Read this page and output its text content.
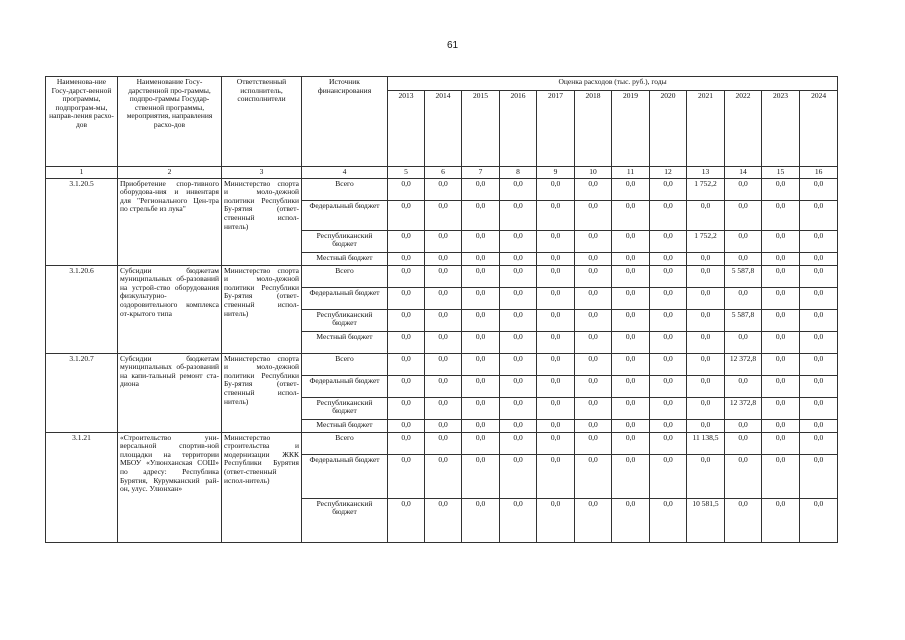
61
Наименова-ние Госу-дарст-венной программы, подпрограм-мы, направ-ления расхо-дов	Наименование Госу-дарственной про-граммы, подпро-граммы Государ-ственной программы, мероприятия, направления расхо-дов	Ответственный исполнитель, соисполнители	Источник финансирования	Оценка расходов (тыс. руб.), годы											
				2013	2014	2015	2016	2017	2018	2019	2020	2021	2022	2023	2024
1	2	3	4	5	6	7	8	9	10	11	12	13	14	15	16
3.1.20.5	Приобретение спор-тивного оборудова-ния и инвентаря для "Регионального Цен-тра по стрельбе из лука"	Министерство спорта и моло-дежной политики Республики Бу-рятия (ответ-ственный испол-нитель)	Всего	0,0	0,0	0,0	0,0	0,0	0,0	0,0	0,0	1 752,2	0,0	0,0	0,0
			Федеральный бюджет	0,0	0,0	0,0	0,0	0,0	0,0	0,0	0,0	0,0	0,0	0,0	0,0
			Республиканский бюджет	0,0	0,0	0,0	0,0	0,0	0,0	0,0	0,0	1 752,2	0,0	0,0	0,0
			Местный бюджет	0,0	0,0	0,0	0,0	0,0	0,0	0,0	0,0	0,0	0,0	0,0	0,0
3.1.20.6	Субсидии бюджетам муниципальных об-разований на устрой-ство оборудования физкультурно-оздоровительного комплекса от-крытого типа	Министерство спорта и моло-дежной политики Республики Бу-рятия (ответ-ственный испол-нитель)	Всего	0,0	0,0	0,0	0,0	0,0	0,0	0,0	0,0	0,0	5 587,8	0,0	0,0
			Федеральный бюджет	0,0	0,0	0,0	0,0	0,0	0,0	0,0	0,0	0,0	0,0	0,0	0,0
			Республиканский бюджет	0,0	0,0	0,0	0,0	0,0	0,0	0,0	0,0	0,0	5 587,8	0,0	0,0
			Местный бюджет	0,0	0,0	0,0	0,0	0,0	0,0	0,0	0,0	0,0	0,0	0,0	0,0
3.1.20.7	Субсидии бюджетам муниципальных об-разований на капи-тальный ремонт ста-диона	Министерство спорта и моло-дежной политики Республики Бу-рятия (ответ-ственный испол-нитель)	Всего	0,0	0,0	0,0	0,0	0,0	0,0	0,0	0,0	0,0	12 372,8	0,0	0,0
			Федеральный бюджет	0,0	0,0	0,0	0,0	0,0	0,0	0,0	0,0	0,0	0,0	0,0	0,0
			Республиканский бюджет	0,0	0,0	0,0	0,0	0,0	0,0	0,0	0,0	0,0	12 372,8	0,0	0,0
			Местный бюджет	0,0	0,0	0,0	0,0	0,0	0,0	0,0	0,0	0,0	0,0	0,0	0,0
3.1.21	«Строительство уни-версальной спортив-ной площадки на территории МБОУ «Улюнханская СОШ» по адресу: Республика Бурятия, Курумканский рай-он, улус. Улюнхан»	Министерство строительства и модернизации ЖКК Республики Бурятия (ответ-ственный испол-нитель)	Всего	0,0	0,0	0,0	0,0	0,0	0,0	0,0	0,0	11 138,5	0,0	0,0	0,0
			Федеральный бюджет	0,0	0,0	0,0	0,0	0,0	0,0	0,0	0,0	0,0	0,0	0,0	0,0
			Республиканский бюджет	0,0	0,0	0,0	0,0	0,0	0,0	0,0	0,0	10 581,5	0,0	0,0	0,0
